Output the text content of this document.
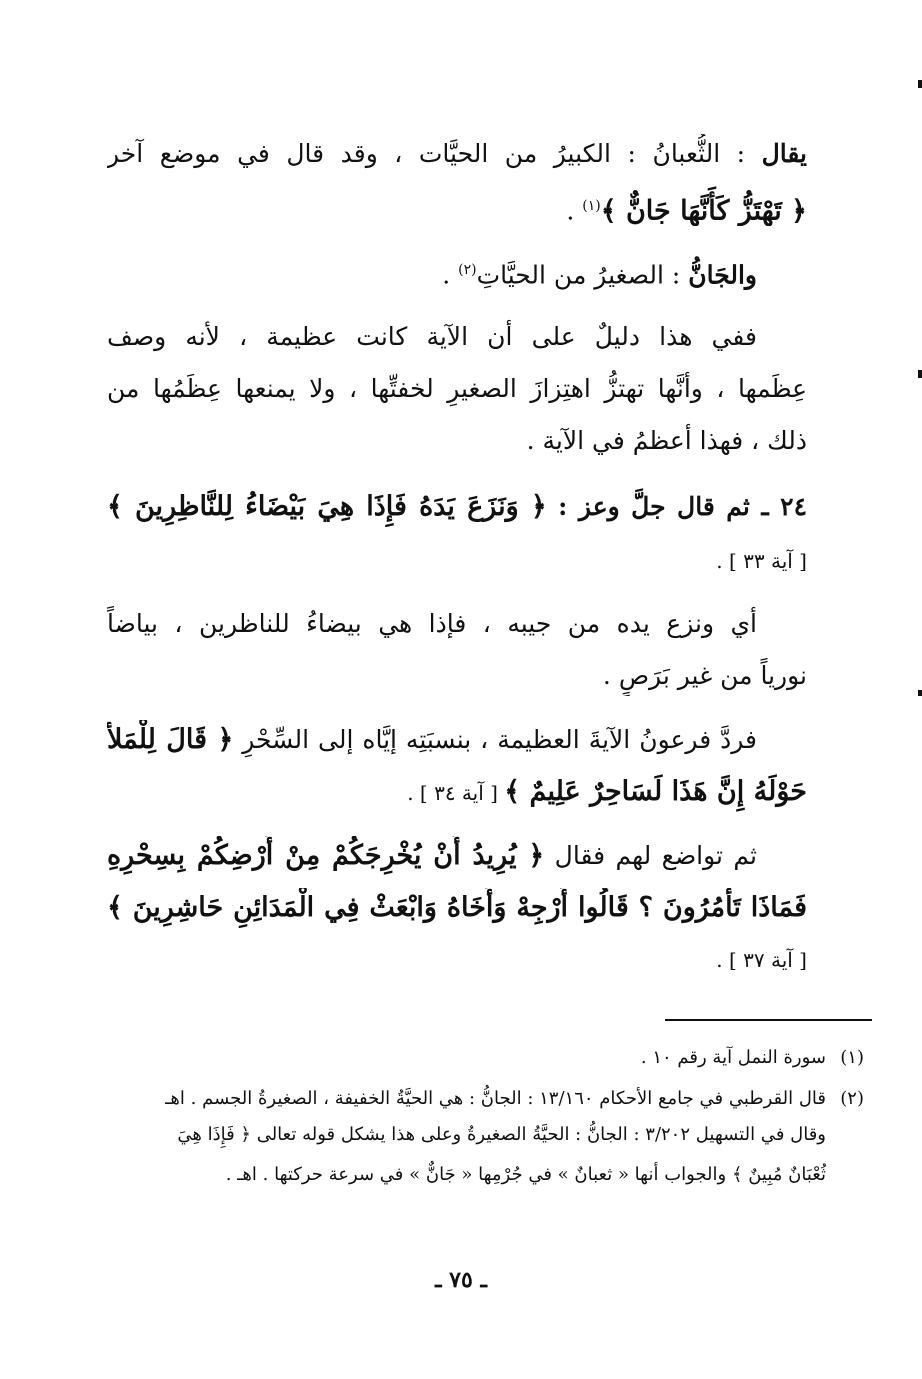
يقال : الثُّعبانُ : الكبيرُ من الحيَّات ، وقد قال في موضع آخر
﴿ تَهْتَزُّ كَأَنَّهَا جَانٌّ ﴾$^{(١)}$ .
والجَانُّ : الصغيرُ من الحيَّاتِ$^{(٢)}$ .
ففي هذا دليلٌ على أن الآية كانت عظيمة ، لأنه وصف
عِظَمها ، وأنَّها تهتزُّ اهتِزازَ الصغيرِ لخفتِّها ، ولا يمنعها عِظَمُها من
ذلك ، فهذا أعظمُ في الآية .
٢٤ ـ ثم قال جلَّ وعز : ﴿ وَنَزَعَ يَدَهُ فَإِذَا هِيَ بَيْضَاءُ لِلنَّاظِرِينَ ﴾
[ آية ٣٣ ] .
أي ونزع يده من جيبه ، فإذا هي بيضاءُ للناظرين ، بياضاً
نورياً من غير بَرَصٍ .
فردَّ فرعونُ الآيةَ العظيمة ، بنسبَتِه إيَّاه إلى السِّحْرِ ﴿ قَالَ لِلْمَلأ
حَوْلَهُ إِنَّ هَذَا لَسَاحِرٌ عَلِيمٌ ﴾ [ آية ٣٤ ] .
ثم تواضع لهم فقال ﴿ يُرِيدُ أَنْ يُخْرِجَكُمْ مِنْ أَرْضِكُمْ بِسِحْرِهِ
فَمَاذَا تَأْمُرُونَ ؟ قَالُوا أَرْجِهْ وَأَخَاهُ وَابْعَثْ فِي الْمَدَائِنِ حَاشِرِينَ ﴾
[ آية ٣٧ ] .
(١)سورة النمل آية رقم ١٠ .
(٢)قال القرطبي في جامع الأحكام ١٣/١٦٠ : الجانُّ : هي الحيَّةُ الخفيفة ، الصغيرةُ الجسم . اهـ
وقال في التسهيل ٣/٢٠٢ : الجانُّ : الحيَّةُ الصغيرةُ وعلى هذا يشكل قوله تعالى ﴿ فَإِذَا هِيَ
ثُعْبَانٌ مُبِينٌ ﴾ والجواب أنها « ثعبانٌ » في جُرْمِها « جَانٌّ » في سرعة حركتها . اهـ .
ـ ٧٥ ـ
